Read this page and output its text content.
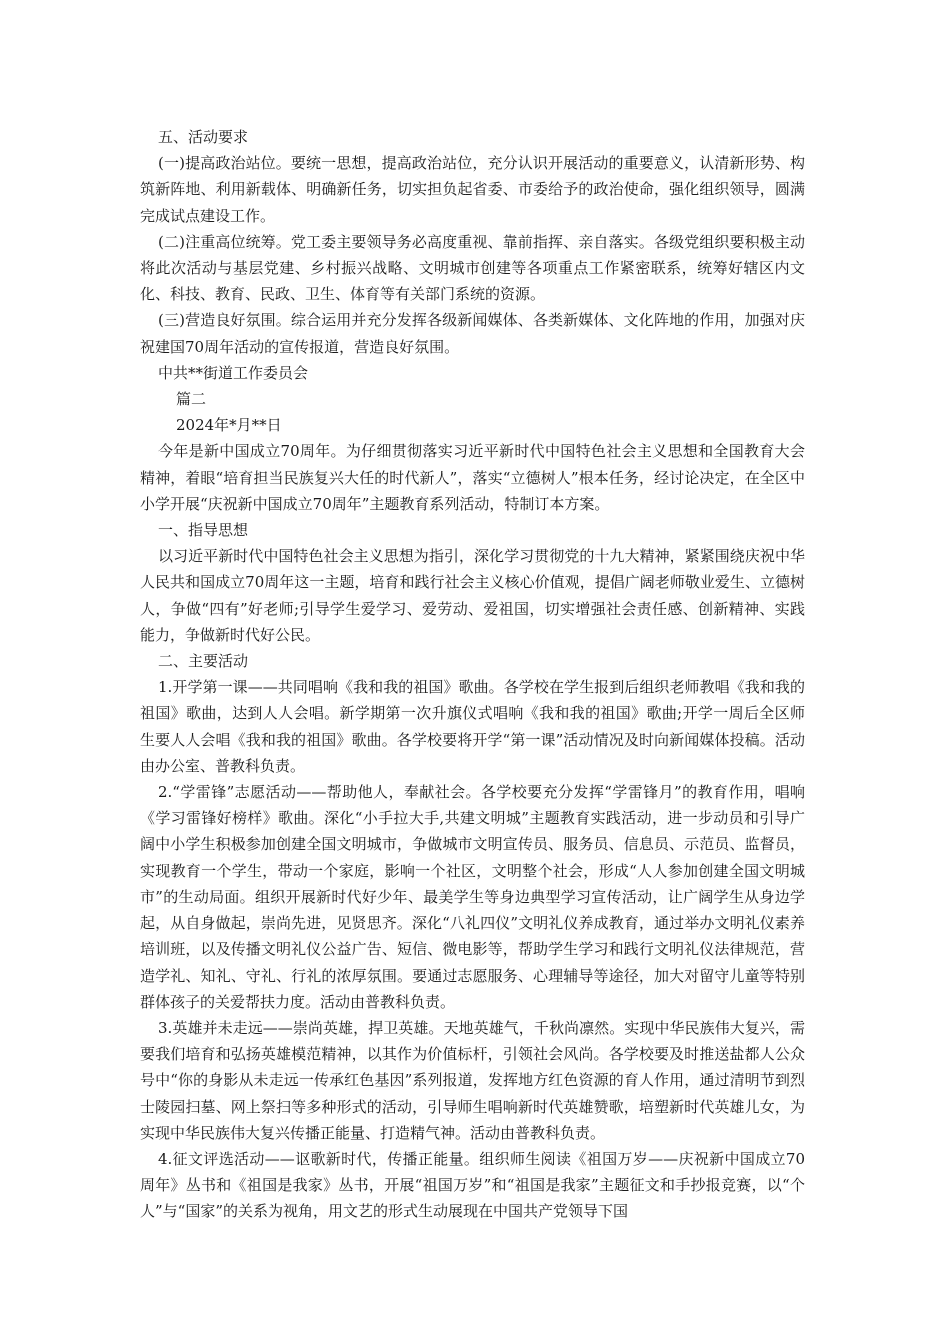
五、活动要求

(一)提高政治站位。要统一思想，提高政治站位，充分认识开展活动的重要意义，认清新形势、构筑新阵地、利用新载体、明确新任务，切实担负起省委、市委给予的政治使命，强化组织领导，圆满完成试点建设工作。

(二)注重高位统筹。党工委主要领导务必高度重视、靠前指挥、亲自落实。各级党组织要积极主动将此次活动与基层党建、乡村振兴战略、文明城市创建等各项重点工作紧密联系，统筹好辖区内文化、科技、教育、民政、卫生、体育等有关部门系统的资源。

(三)营造良好氛围。综合运用并充分发挥各级新闻媒体、各类新媒体、文化阵地的作用，加强对庆祝建国70周年活动的宣传报道，营造良好氛围。

中共**街道工作委员会

篇二

2024年*月**日

今年是新中国成立70周年。为仔细贯彻落实习近平新时代中国特色社会主义思想和全国教育大会精神，着眼“培育担当民族复兴大任的时代新人”，落实“立德树人”根本任务，经讨论决定，在全区中小学开展“庆祝新中国成立70周年”主题教育系列活动，特制订本方案。

一、指导思想

以习近平新时代中国特色社会主义思想为指引，深化学习贯彻党的十九大精神，紧紧围绕庆祝中华人民共和国成立70周年这一主题，培育和践行社会主义核心价值观，提倡广阔老师敬业爱生、立德树人，争做“四有”好老师;引导学生爱学习、爱劳动、爱祖国，切实增强社会责任感、创新精神、实践能力，争做新时代好公民。

二、主要活动

1.开学第一课——共同唱响《我和我的祖国》歌曲。各学校在学生报到后组织老师教唱《我和我的祖国》歌曲，达到人人会唱。新学期第一次升旗仪式唱响《我和我的祖国》歌曲;开学一周后全区师生要人人会唱《我和我的祖国》歌曲。各学校要将开学“第一课”活动情况及时向新闻媒体投稿。活动由办公室、普教科负责。

2.“学雷锋”志愿活动——帮助他人，奉献社会。各学校要充分发挥“学雷锋月”的教育作用，唱响《学习雷锋好榜样》歌曲。深化“小手拉大手,共建文明城”主题教育实践活动，进一步动员和引导广阔中小学生积极参加创建全国文明城市，争做城市文明宣传员、服务员、信息员、示范员、监督员，实现教育一个学生，带动一个家庭，影响一个社区，文明整个社会，形成“人人参加创建全国文明城市”的生动局面。组织开展新时代好少年、最美学生等身边典型学习宣传活动，让广阔学生从身边学起，从自身做起，崇尚先进，见贤思齐。深化“八礼四仪”文明礼仪养成教育，通过举办文明礼仪素养培训班，以及传播文明礼仪公益广告、短信、微电影等，帮助学生学习和践行文明礼仪法律规范，营造学礼、知礼、守礼、行礼的浓厚氛围。要通过志愿服务、心理辅导等途径，加大对留守儿童等特别群体孩子的关爱帮扶力度。活动由普教科负责。

3.英雄并未走远——崇尚英雄，捍卫英雄。天地英雄气，千秋尚凛然。实现中华民族伟大复兴，需要我们培育和弘扬英雄模范精神，以其作为价值标杆，引领社会风尚。各学校要及时推送盐都人公众号中“你的身影从未走远一传承红色基因”系列报道，发挥地方红色资源的育人作用，通过清明节到烈士陵园扫墓、网上祭扫等多种形式的活动，引导师生唱响新时代英雄赞歌，培塑新时代英雄儿女，为实现中华民族伟大复兴传播正能量、打造精气神。活动由普教科负责。

4.征文评选活动——讴歌新时代，传播正能量。组织师生阅读《祖国万岁——庆祝新中国成立70周年》丛书和《祖国是我家》丛书，开展“祖国万岁”和“祖国是我家”主题征文和手抄报竞赛，以“个人”与“国家”的关系为视角，用文艺的形式生动展现在中国共产党领导下国
